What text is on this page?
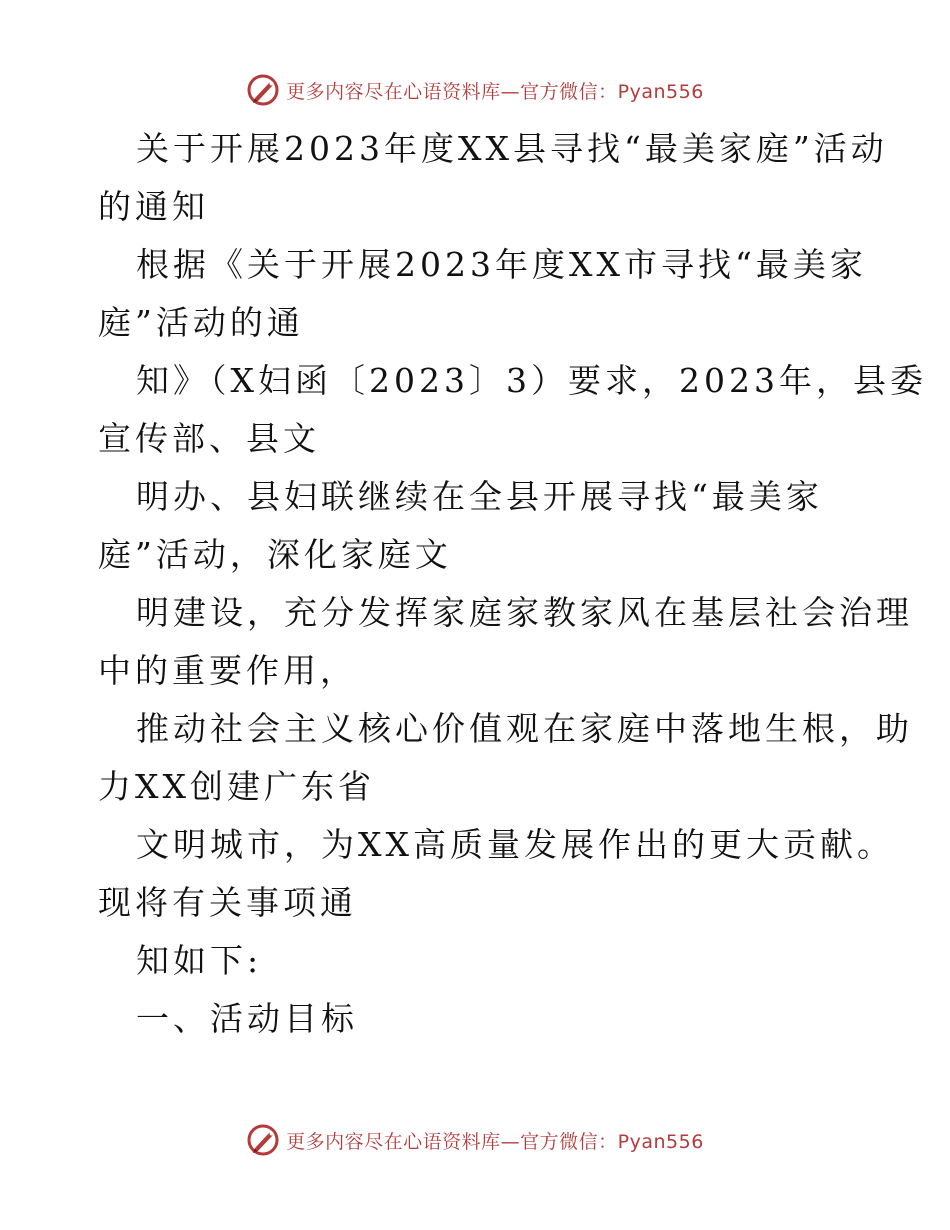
更多内容尽在心语资料库—官方微信：Pyan556

关于开展2023年度XX县寻找“最美家庭”活动

的通知

根据《关于开展2023年度XX市寻找“最美家

庭”活动的通

知》（X妇函〔2023〕3）要求，2023年，县委

宣传部、县文

明办、县妇联继续在全县开展寻找“最美家

庭”活动，深化家庭文

明建设，充分发挥家庭家教家风在基层社会治理

中的重要作用，

推动社会主义核心价值观在家庭中落地生根，助

力XX创建广东省

文明城市，为XX高质量发展作出的更大贡献。

现将有关事项通

知如下:

一、活动目标

更多内容尽在心语资料库—官方微信：Pyan556
